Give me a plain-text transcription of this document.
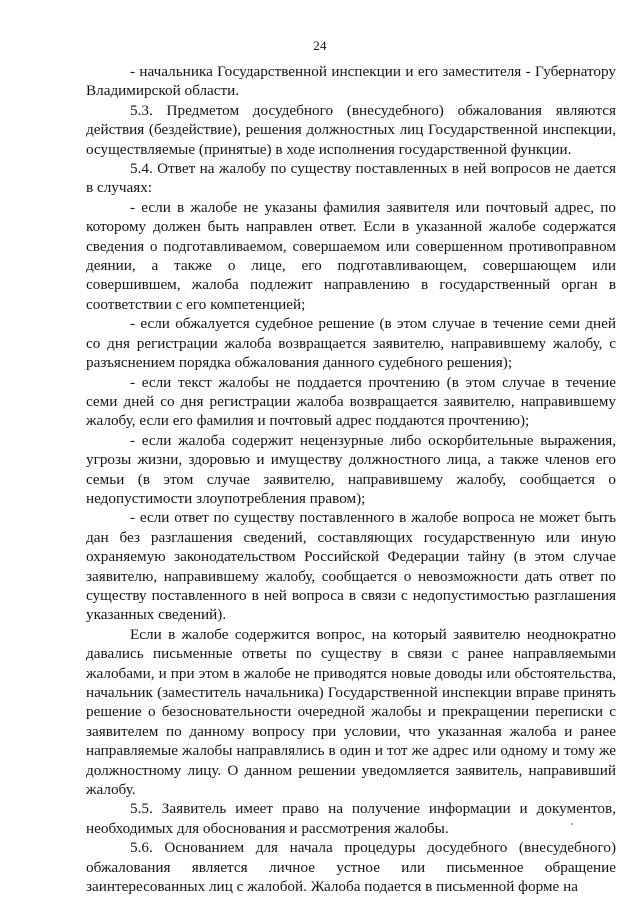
24

- начальника Государственной инспекции и его заместителя - Губернатору Владимирской области.

5.3. Предметом досудебного (внесудебного) обжалования являются действия (бездействие), решения должностных лиц Государственной инспекции, осуществляемые (принятые) в ходе исполнения государственной функции.

5.4. Ответ на жалобу по существу поставленных в ней вопросов не дается в случаях:

- если в жалобе не указаны фамилия заявителя или почтовый адрес, по которому должен быть направлен ответ. Если в указанной жалобе содержатся сведения о подготавливаемом, совершаемом или совершенном противоправном деянии, а также о лице, его подготавливающем, совершающем или совершившем, жалоба подлежит направлению в государственный орган в соответствии с его компетенцией;

- если обжалуется судебное решение (в этом случае в течение семи дней со дня регистрации жалоба возвращается заявителю, направившему жалобу, с разъяснением порядка обжалования данного судебного решения);

- если текст жалобы не поддается прочтению (в этом случае в течение семи дней со дня регистрации жалоба возвращается заявителю, направившему жалобу, если его фамилия и почтовый адрес поддаются прочтению);

- если жалоба содержит нецензурные либо оскорбительные выражения, угрозы жизни, здоровью и имуществу должностного лица, а также членов его семьи (в этом случае заявителю, направившему жалобу, сообщается о недопустимости злоупотребления правом);

- если ответ по существу поставленного в жалобе вопроса не может быть дан без разглашения сведений, составляющих государственную или иную охраняемую законодательством Российской Федерации тайну (в этом случае заявителю, направившему жалобу, сообщается о невозможности дать ответ по существу поставленного в ней вопроса в связи с недопустимостью разглашения указанных сведений).

Если в жалобе содержится вопрос, на который заявителю неоднократно давались письменные ответы по существу в связи с ранее направляемыми жалобами, и при этом в жалобе не приводятся новые доводы или обстоятельства, начальник (заместитель начальника) Государственной инспекции вправе принять решение о безосновательности очередной жалобы и прекращении переписки с заявителем по данному вопросу при условии, что указанная жалоба и ранее направляемые жалобы направлялись в один и тот же адрес или одному и тому же должностному лицу. О данном решении уведомляется заявитель, направивший жалобу.

5.5. Заявитель имеет право на получение информации и документов, необходимых для обоснования и рассмотрения жалобы.

5.6. Основанием для начала процедуры досудебного (внесудебного) обжалования является личное устное или письменное обращение заинтересованных лиц с жалобой. Жалоба подается в письменной форме на
